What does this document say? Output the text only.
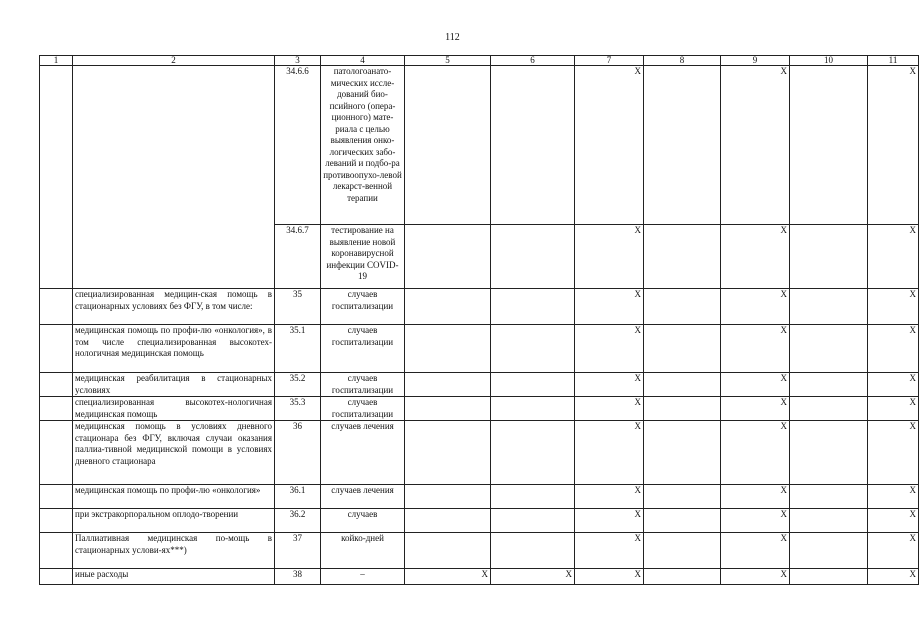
112
1	2	3	4	5	6	7	8	9	10	11
		34.6.6	патологоанато-мических иссле-дований био-псийного (опера-ционного) мате-риала с целью выявления онко-логических забо-леваний и подбо-ра противоопухо-левой лекарст-венной терапии			X		X		X
		34.6.7	тестирование на выявление новой коронавирусной инфекции COVID-19			X		X		X
	специализированная медицин-ская помощь в стационарных условиях без ФГУ, в том числе:	35	случаев госпитализации			X		X		X
	медицинская помощь по профи-лю «онкология», в том числе специализированная высокотех-нологичная медицинская помощь	35.1	случаев госпитализации			X		X		X
	медицинская реабилитация в стационарных условиях	35.2	случаев госпитализации			X		X		X
	специализированная высокотех-нологичная медицинская помощь	35.3	случаев госпитализации			X		X		X
	медицинская помощь в условиях дневного стационара без ФГУ, включая случаи оказания паллиа-тивной медицинской помощи в условиях дневного стационара	36	случаев лечения			X		X		X
	медицинская помощь по профи-лю «онкология»	36.1	случаев лечения			X		X		X
	при экстракорпоральном оплодо-творении	36.2	случаев			X		X		X
	Паллиативная медицинская по-мощь в стационарных услови-ях***)	37	койко-дней			X		X		X
	иные расходы	38	–	X	X	X		X		X
